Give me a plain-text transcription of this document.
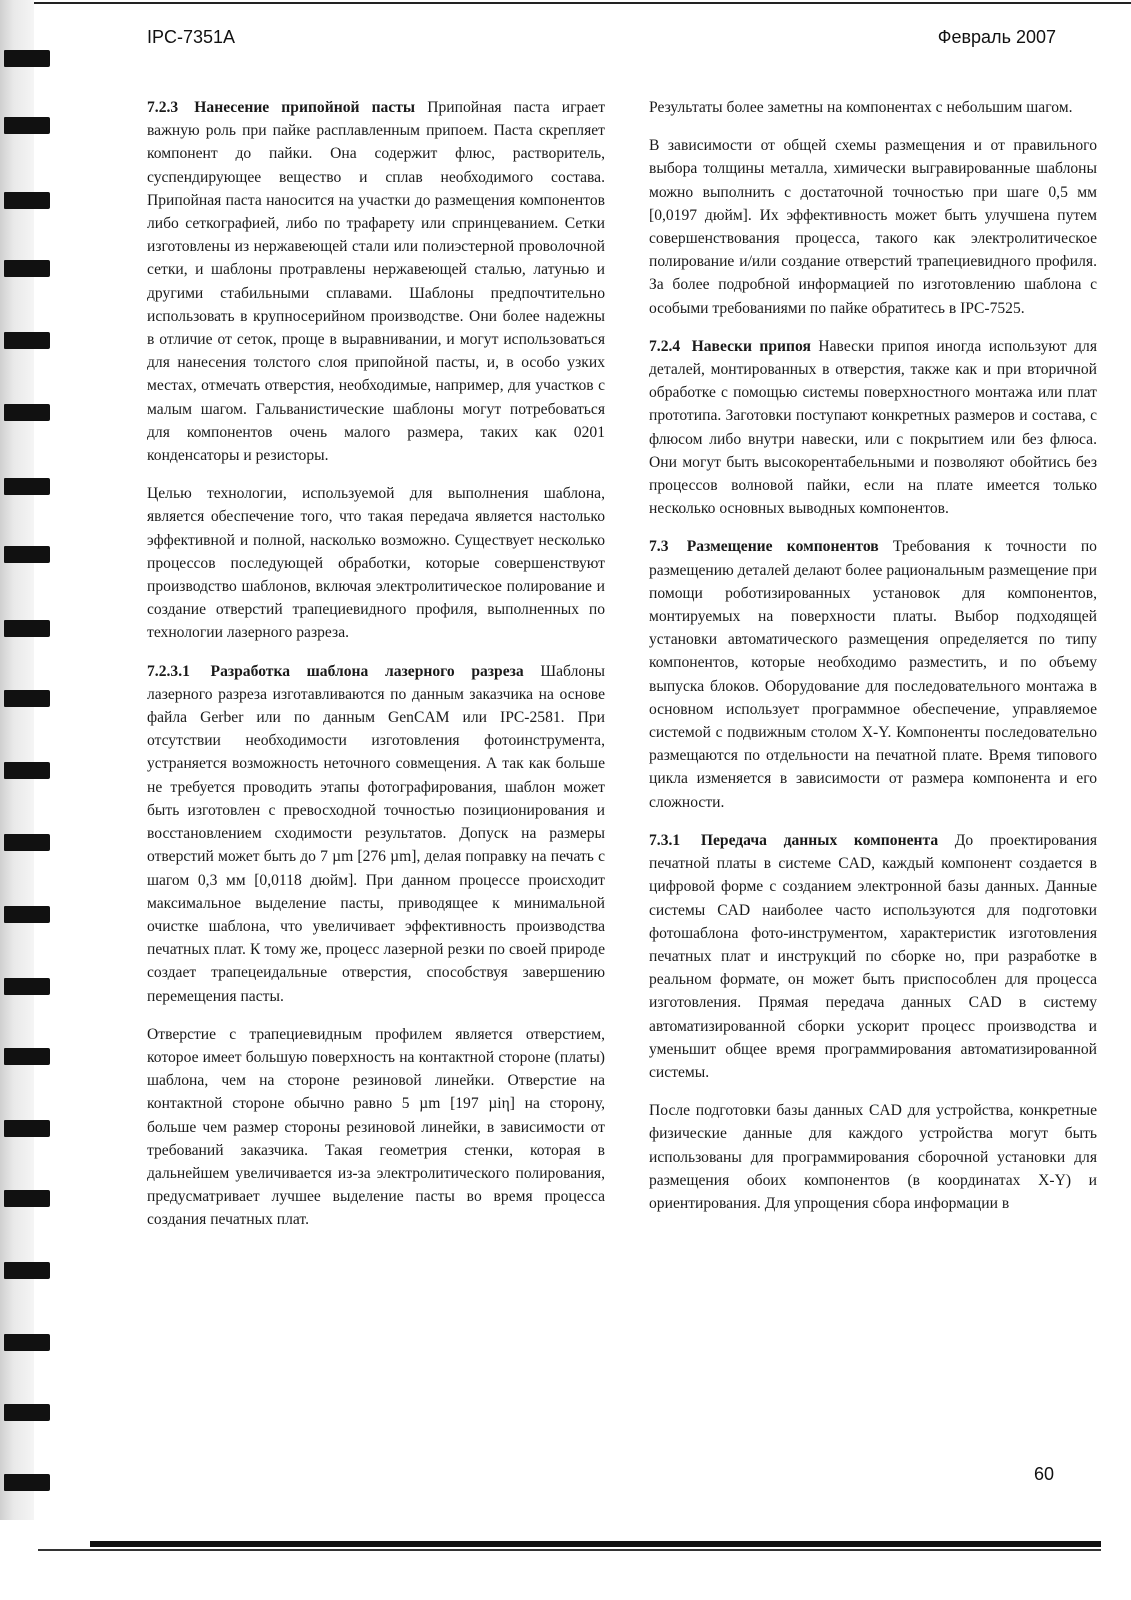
IPC-7351A	Февраль 2007

7.2.3 Нанесение припойной пасты Припойная паста играет важную роль при пайке расплавленным припоем. Паста скрепляет компонент до пайки. Она содержит флюс, растворитель, суспендирующее вещество и сплав необходимого состава. Припойная паста наносится на участки до размещения компонентов либо сеткографией, либо по трафарету или спринцеванием. Сетки изготовлены из нержавеющей стали или полиэстерной проволочной сетки, и шаблоны протравлены нержавеющей сталью, латунью и другими стабильными сплавами. Шаблоны предпочтительно использовать в крупносерийном производстве. Они более надежны в отличие от сеток, проще в выравнивании, и могут использоваться для нанесения толстого слоя припойной пасты, и, в особо узких местах, отмечать отверстия, необходимые, например, для участков с малым шагом. Гальванистические шаблоны могут потребоваться для компонентов очень малого размера, таких как 0201 конденсаторы и резисторы.

Целью технологии, используемой для выполнения шаблона, является обеспечение того, что такая передача является настолько эффективной и полной, насколько возможно. Существует несколько процессов последующей обработки, которые совершенствуют производство шаблонов, включая электролитическое полирование и создание отверстий трапециевидного профиля, выполненных по технологии лазерного разреза.

7.2.3.1 Разработка шаблона лазерного разреза Шаблоны лазерного разреза изготавливаются по данным заказчика на основе файла Gerber или по данным GenCAM или IPC-2581. При отсутствии необходимости изготовления фотоинструмента, устраняется возможность неточного совмещения. А так как больше не требуется проводить этапы фотографирования, шаблон может быть изготовлен с превосходной точностью позиционирования и восстановлением сходимости результатов. Допуск на размеры отверстий может быть до 7 µm [276 µm], делая поправку на печать с шагом 0,3 мм [0,0118 дюйм]. При данном процессе происходит максимальное выделение пасты, приводящее к минимальной очистке шаблона, что увеличивает эффективность производства печатных плат. К тому же, процесс лазерной резки по своей природе создает трапецеидальные отверстия, способствуя завершению перемещения пасты.

Отверстие с трапециевидным профилем является отверстием, которое имеет большую поверхность на контактной стороне (платы) шаблона, чем на стороне резиновой линейки. Отверстие на контактной стороне обычно равно 5 µm [197 µiη] на сторону, больше чем размер стороны резиновой линейки, в зависимости от требований заказчика. Такая геометрия стенки, которая в дальнейшем увеличивается из-за электролитического полирования, предусматривает лучшее выделение пасты во время процесса создания печатных плат.

Результаты более заметны на компонентах с небольшим шагом.

В зависимости от общей схемы размещения и от правильного выбора толщины металла, химически выгравированные шаблоны можно выполнить с достаточной точностью при шаге 0,5 мм [0,0197 дюйм]. Их эффективность может быть улучшена путем совершенствования процесса, такого как электролитическое полирование и/или создание отверстий трапециевидного профиля. За более подробной информацией по изготовлению шаблона с особыми требованиями по пайке обратитесь в IPC-7525.

7.2.4 Навески припоя Навески припоя иногда используют для деталей, монтированных в отверстия, также как и при вторичной обработке с помощью системы поверхностного монтажа или плат прототипа. Заготовки поступают конкретных размеров и состава, с флюсом либо внутри навески, или с покрытием или без флюса. Они могут быть высокорентабельными и позволяют обойтись без процессов волновой пайки, если на плате имеется только несколько основных выводных компонентов.

7.3 Размещение компонентов Требования к точности по размещению деталей делают более рациональным размещение при помощи роботизированных установок для компонентов, монтируемых на поверхности платы. Выбор подходящей установки автоматического размещения определяется по типу компонентов, которые необходимо разместить, и по объему выпуска блоков. Оборудование для последовательного монтажа в основном использует программное обеспечение, управляемое системой с подвижным столом X-Y. Компоненты последовательно размещаются по отдельности на печатной плате. Время типового цикла изменяется в зависимости от размера компонента и его сложности.

7.3.1 Передача данных компонента До проектирования печатной платы в системе CAD, каждый компонент создается в цифровой форме с созданием электронной базы данных. Данные системы CAD наиболее часто используются для подготовки фотошаблона фото-инструментом, характеристик изготовления печатных плат и инструкций по сборке но, при разработке в реальном формате, он может быть приспособлен для процесса изготовления. Прямая передача данных CAD в систему автоматизированной сборки ускорит процесс производства и уменьшит общее время программирования автоматизированной системы.

После подготовки базы данных CAD для устройства, конкретные физические данные для каждого устройства могут быть использованы для программирования сборочной установки для размещения обоих компонентов (в координатах X-Y) и ориентирования. Для упрощения сбора информации в

60
